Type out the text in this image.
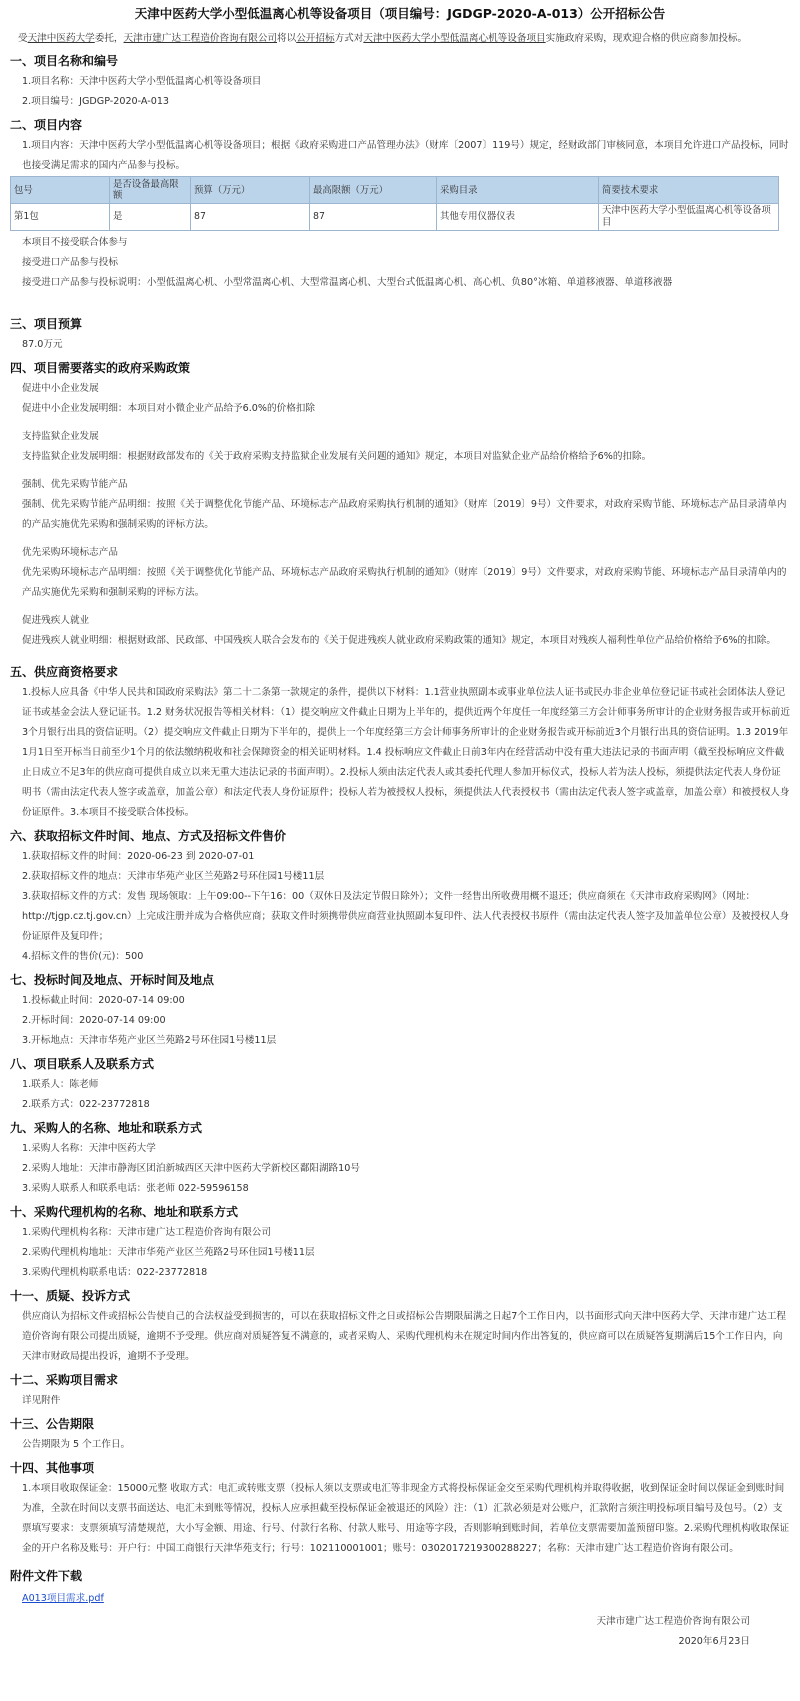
天津中医药大学小型低温离心机等设备项目（项目编号：JGDGP-2020-A-013）公开招标公告

受天津中医药大学委托，天津市建广达工程造价咨询有限公司将以公开招标方式对天津中医药大学小型低温离心机等设备项目实施政府采购，现欢迎合格的供应商参加投标。

一、项目名称和编号
1.项目名称：天津中医药大学小型低温离心机等设备项目
2.项目编号：JGDGP-2020-A-013
二、项目内容
1.项目内容：天津中医药大学小型低温离心机等设备项目；根据《政府采购进口产品管理办法》（财库〔2007〕119号）规定，经财政部门审核同意，本项目允许进口产品投标，同时也接受满足需求的国内产品参与投标。
包号	是否设备最高限额	预算（万元）	最高限额（万元）	采购目录	简要技术要求
第1包	是	87	87	其他专用仪器仪表	天津中医药大学小型低温离心机等设备项目
本项目不接受联合体参与
接受进口产品参与投标
接受进口产品参与投标说明：小型低温离心机、小型常温离心机、大型常温离心机、大型台式低温离心机、高心机、负80°冰箱、单道移液器、单道移液器
三、项目预算
87.0万元
四、项目需要落实的政府采购政策
促进中小企业发展
促进中小企业发展明细：本项目对小微企业产品给予6.0%的价格扣除
支持监狱企业发展
支持监狱企业发展明细：根据财政部发布的《关于政府采购支持监狱企业发展有关问题的通知》规定，本项目对监狱企业产品给价格给予6%的扣除。
强制、优先采购节能产品
强制、优先采购节能产品明细：按照《关于调整优化节能产品、环境标志产品政府采购执行机制的通知》（财库〔2019〕9号）文件要求，对政府采购节能、环境标志产品目录清单内的产品实施优先采购和强制采购的评标方法。
优先采购环境标志产品
优先采购环境标志产品明细：按照《关于调整优化节能产品、环境标志产品政府采购执行机制的通知》（财库〔2019〕9号）文件要求，对政府采购节能、环境标志产品目录清单内的产品实施优先采购和强制采购的评标方法。
促进残疾人就业
促进残疾人就业明细：根据财政部、民政部、中国残疾人联合会发布的《关于促进残疾人就业政府采购政策的通知》规定，本项目对残疾人福利性单位产品给价格给予6%的扣除。
五、供应商资格要求
1.投标人应具备《中华人民共和国政府采购法》第二十二条第一款规定的条件，提供以下材料：1.1营业执照副本或事业单位法人证书或民办非企业单位登记证书或社会团体法人登记证书或基金会法人登记证书。1.2 财务状况报告等相关材料：（1）提交响应文件截止日期为上半年的，提供近两个年度任一年度经第三方会计师事务所审计的企业财务报告或开标前近3个月银行出具的资信证明。（2）提交响应文件截止日期为下半年的，提供上一个年度经第三方会计师事务所审计的企业财务报告或开标前近3个月银行出具的资信证明。1.3 2019年1月1日至开标当日前至少1个月的依法缴纳税收和社会保障资金的相关证明材料。1.4 投标响应文件截止日前3年内在经营活动中没有重大违法记录的书面声明（截至投标响应文件截止日成立不足3年的供应商可提供自成立以来无重大违法记录的书面声明）。2.投标人须由法定代表人或其委托代理人参加开标仪式，投标人若为法人投标，须提供法定代表人身份证明书（需由法定代表人签字或盖章，加盖公章）和法定代表人身份证原件；投标人若为被授权人投标，须提供法人代表授权书（需由法定代表人签字或盖章，加盖公章）和被授权人身份证原件。3.本项目不接受联合体投标。
六、获取招标文件时间、地点、方式及招标文件售价
1.获取招标文件的时间：2020-06-23 到 2020-07-01
2.获取招标文件的地点：天津市华苑产业区兰苑路2号环住园1号楼11层
3.获取招标文件的方式：发售 现场领取：上午09:00--下午16：00（双休日及法定节假日除外）；文件一经售出所收费用概不退还；供应商须在《天津市政府采购网》（网址：http://tjgp.cz.tj.gov.cn）上完成注册并成为合格供应商；获取文件时须携带供应商营业执照副本复印件、法人代表授权书原件（需由法定代表人签字及加盖单位公章）及被授权人身份证原件及复印件；
4.招标文件的售价(元)：500
七、投标时间及地点、开标时间及地点
1.投标截止时间：2020-07-14 09:00
2.开标时间：2020-07-14 09:00
3.开标地点：天津市华苑产业区兰苑路2号环住园1号楼11层
八、项目联系人及联系方式
1.联系人：陈老师
2.联系方式：022-23772818
九、采购人的名称、地址和联系方式
1.采购人名称：天津中医药大学
2.采购人地址：天津市静海区团泊新城西区天津中医药大学新校区鄱阳湖路10号
3.采购人联系人和联系电话：张老师 022-59596158
十、采购代理机构的名称、地址和联系方式
1.采购代理机构名称：天津市建广达工程造价咨询有限公司
2.采购代理机构地址：天津市华苑产业区兰苑路2号环住园1号楼11层
3.采购代理机构联系电话：022-23772818
十一、质疑、投诉方式
供应商认为招标文件或招标公告使自己的合法权益受到损害的，可以在获取招标文件之日或招标公告期限届满之日起7个工作日内，以书面形式向天津中医药大学、天津市建广达工程造价咨询有限公司提出质疑，逾期不予受理。供应商对质疑答复不满意的，或者采购人、采购代理机构未在规定时间内作出答复的，供应商可以在质疑答复期满后15个工作日内，向天津市财政局提出投诉，逾期不予受理。
十二、采购项目需求
详见附件
十三、公告期限
公告期限为 5 个工作日。
十四、其他事项
1.本项目收取保证金：15000元整 收取方式：电汇或转账支票（投标人须以支票或电汇等非现金方式将投标保证金交至采购代理机构并取得收据，收到保证金时间以保证金到账时间为准，全款在时间以支票书面送达、电汇未到账等情况，投标人应承担截至投标保证金被退还的风险）注：（1）汇款必须是对公账户，汇款附言须注明投标项目编号及包号。（2）支票填写要求：支票须填写清楚规范，大小写金额、用途、行号、付款行名称、付款人账号、用途等字段，否则影响到账时间，若单位支票需要加盖预留印鉴。2.采购代理机构收取保证金的开户名称及账号：开户行：中国工商银行天津华苑支行；行号：102110001001；账号：0302017219300288227；名称：天津市建广达工程造价咨询有限公司。
附件文件下载
A013项目需求.pdf
天津市建广达工程造价咨询有限公司
2020年6月23日
